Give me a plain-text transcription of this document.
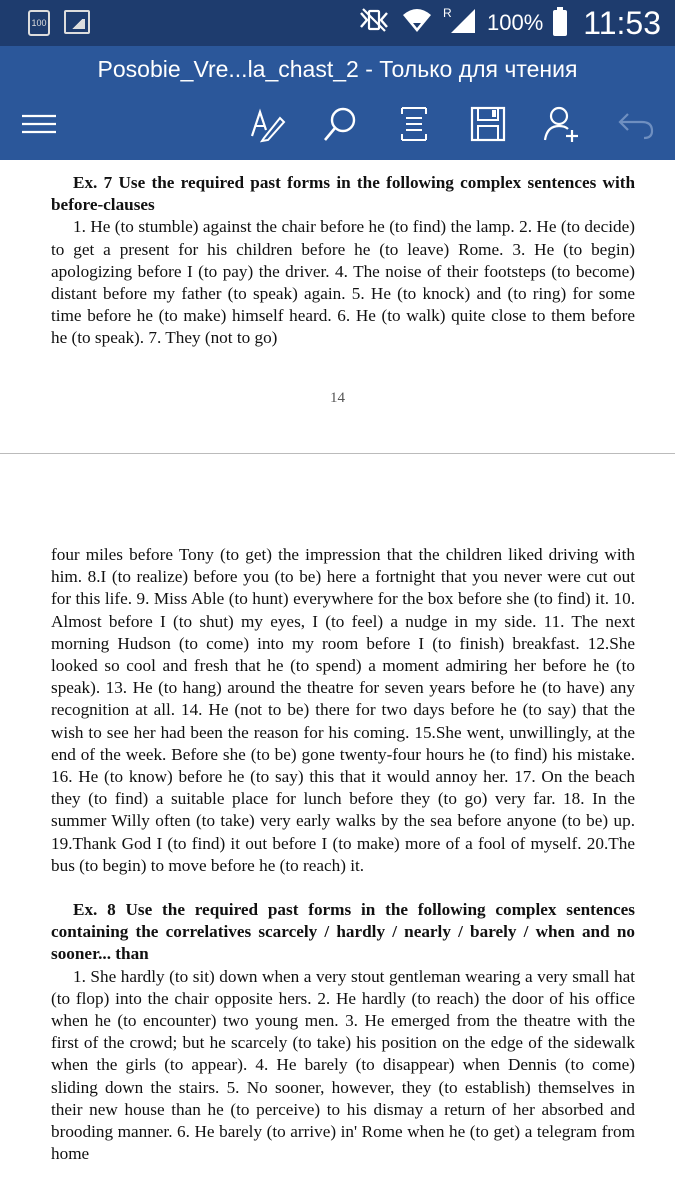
100
R 100% 11:53
Posobie_Vre...la_chast_2 - Только для чтения
Ex. 7 Use the required past forms in the following complex sentences with before-clauses

1. He (to stumble) against the chair before he (to find) the lamp. 2. He (to decide) to get a present for his children before he (to leave) Rome. 3. He (to begin) apologizing before I (to pay) the driver. 4. The noise of their footsteps (to become) distant before my father (to speak) again. 5. He (to knock) and (to ring) for some time before he (to make) himself heard. 6. He (to walk) quite close to them before he (to speak). 7. They (not to go)

14
four miles before Tony (to get) the impression that the children liked driving with him. 8.I (to realize) before you (to be) here a fortnight that you never were cut out for this life. 9. Miss Able (to hunt) everywhere for the box before she (to find) it. 10. Almost before I (to shut) my eyes, I (to feel) a nudge in my side. 11. The next morning Hudson (to come) into my room before I (to finish) breakfast. 12.She looked so cool and fresh that he (to spend) a moment admiring her before he (to speak). 13. He (to hang) around the theatre for seven years before he (to have) any recognition at all. 14. He (not to be) there for two days before he (to say) that the wish to see her had been the reason for his coming. 15.She went, unwillingly, at the end of the week. Before she (to be) gone twenty-four hours he (to find) his mistake. 16. He (to know) before he (to say) this that it would annoy her. 17. On the beach they (to find) a suitable place for lunch before they (to go) very far. 18. In the summer Willy often (to take) very early walks by the sea before anyone (to be) up. 19.Thank God I (to find) it out before I (to make) more of a fool of myself. 20.The bus (to begin) to move before he (to reach) it.
Ex. 8 Use the required past forms in the following complex sentences containing the correlatives scarcely / hardly / nearly / barely / when and no sooner... than

1. She hardly (to sit) down when a very stout gentleman wearing a very small hat (to flop) into the chair opposite hers. 2. He hardly (to reach) the door of his office when he (to encounter) two young men. 3. He emerged from the theatre with the first of the crowd; but he scarcely (to take) his position on the edge of the sidewalk when the girls (to appear). 4. He barely (to disappear) when Dennis (to come) sliding down the stairs. 5. No sooner, however, they (to establish) themselves in their new house than he (to perceive) to his dismay a return of her absorbed and brooding manner. 6. He barely (to arrive) in' Rome when he (to get) a telegram from home
